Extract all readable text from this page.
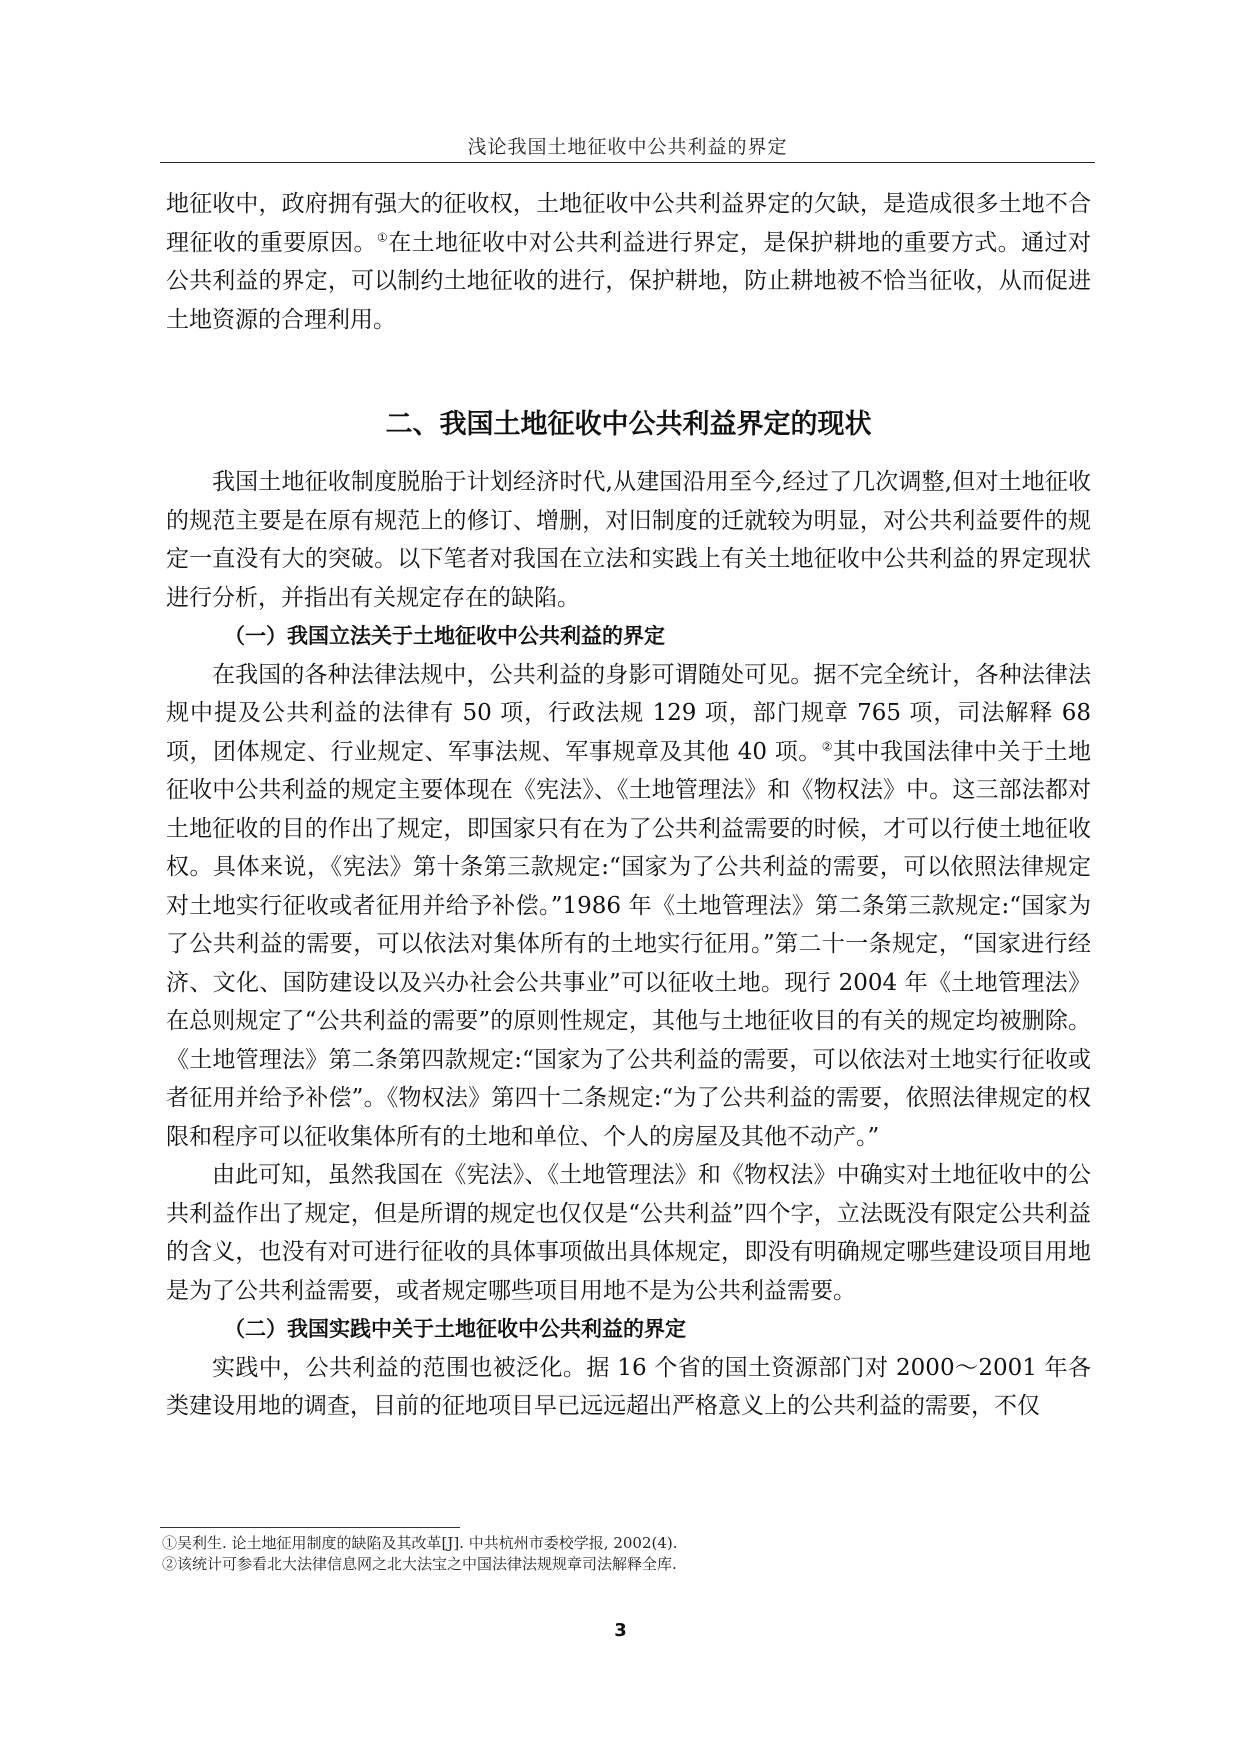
浅论我国土地征收中公共利益的界定

地征收中，政府拥有强大的征收权，土地征收中公共利益界定的欠缺，是造成很多土地不合理征收的重要原因。①在土地征收中对公共利益进行界定，是保护耕地的重要方式。通过对公共利益的界定，可以制约土地征收的进行，保护耕地，防止耕地被不恰当征收，从而促进土地资源的合理利用。

二、我国土地征收中公共利益界定的现状

我国土地征收制度脱胎于计划经济时代,从建国沿用至今,经过了几次调整,但对土地征收的规范主要是在原有规范上的修订、增删，对旧制度的迁就较为明显，对公共利益要件的规定一直没有大的突破。以下笔者对我国在立法和实践上有关土地征收中公共利益的界定现状进行分析，并指出有关规定存在的缺陷。

（一）我国立法关于土地征收中公共利益的界定

在我国的各种法律法规中，公共利益的身影可谓随处可见。据不完全统计，各种法律法规中提及公共利益的法律有 50 项，行政法规 129 项，部门规章 765 项，司法解释 68 项，团体规定、行业规定、军事法规、军事规章及其他 40 项。②其中我国法律中关于土地征收中公共利益的规定主要体现在《宪法》、《土地管理法》和《物权法》中。这三部法都对土地征收的目的作出了规定，即国家只有在为了公共利益需要的时候，才可以行使土地征收权。具体来说，《宪法》第十条第三款规定:“国家为了公共利益的需要，可以依照法律规定对土地实行征收或者征用并给予补偿。”1986 年《土地管理法》第二条第三款规定:“国家为了公共利益的需要，可以依法对集体所有的土地实行征用。”第二十一条规定，“国家进行经济、文化、国防建设以及兴办社会公共事业”可以征收土地。现行 2004 年《土地管理法》在总则规定了“公共利益的需要”的原则性规定，其他与土地征收目的有关的规定均被删除。《土地管理法》第二条第四款规定:“国家为了公共利益的需要，可以依法对土地实行征收或者征用并给予补偿”。《物权法》第四十二条规定:“为了公共利益的需要，依照法律规定的权限和程序可以征收集体所有的土地和单位、个人的房屋及其他不动产。”

由此可知，虽然我国在《宪法》、《土地管理法》和《物权法》中确实对土地征收中的公共利益作出了规定，但是所谓的规定也仅仅是“公共利益”四个字，立法既没有限定公共利益的含义，也没有对可进行征收的具体事项做出具体规定，即没有明确规定哪些建设项目用地是为了公共利益需要，或者规定哪些项目用地不是为公共利益需要。

（二）我国实践中关于土地征收中公共利益的界定

实践中，公共利益的范围也被泛化。据 16 个省的国土资源部门对 2000～2001 年各类建设用地的调查，目前的征地项目早已远远超出严格意义上的公共利益的需要，不仅

①吴利生. 论土地征用制度的缺陷及其改革[J]. 中共杭州市委校学报, 2002(4).
②该统计可参看北大法律信息网之北大法宝之中国法律法规规章司法解释全库.
3
